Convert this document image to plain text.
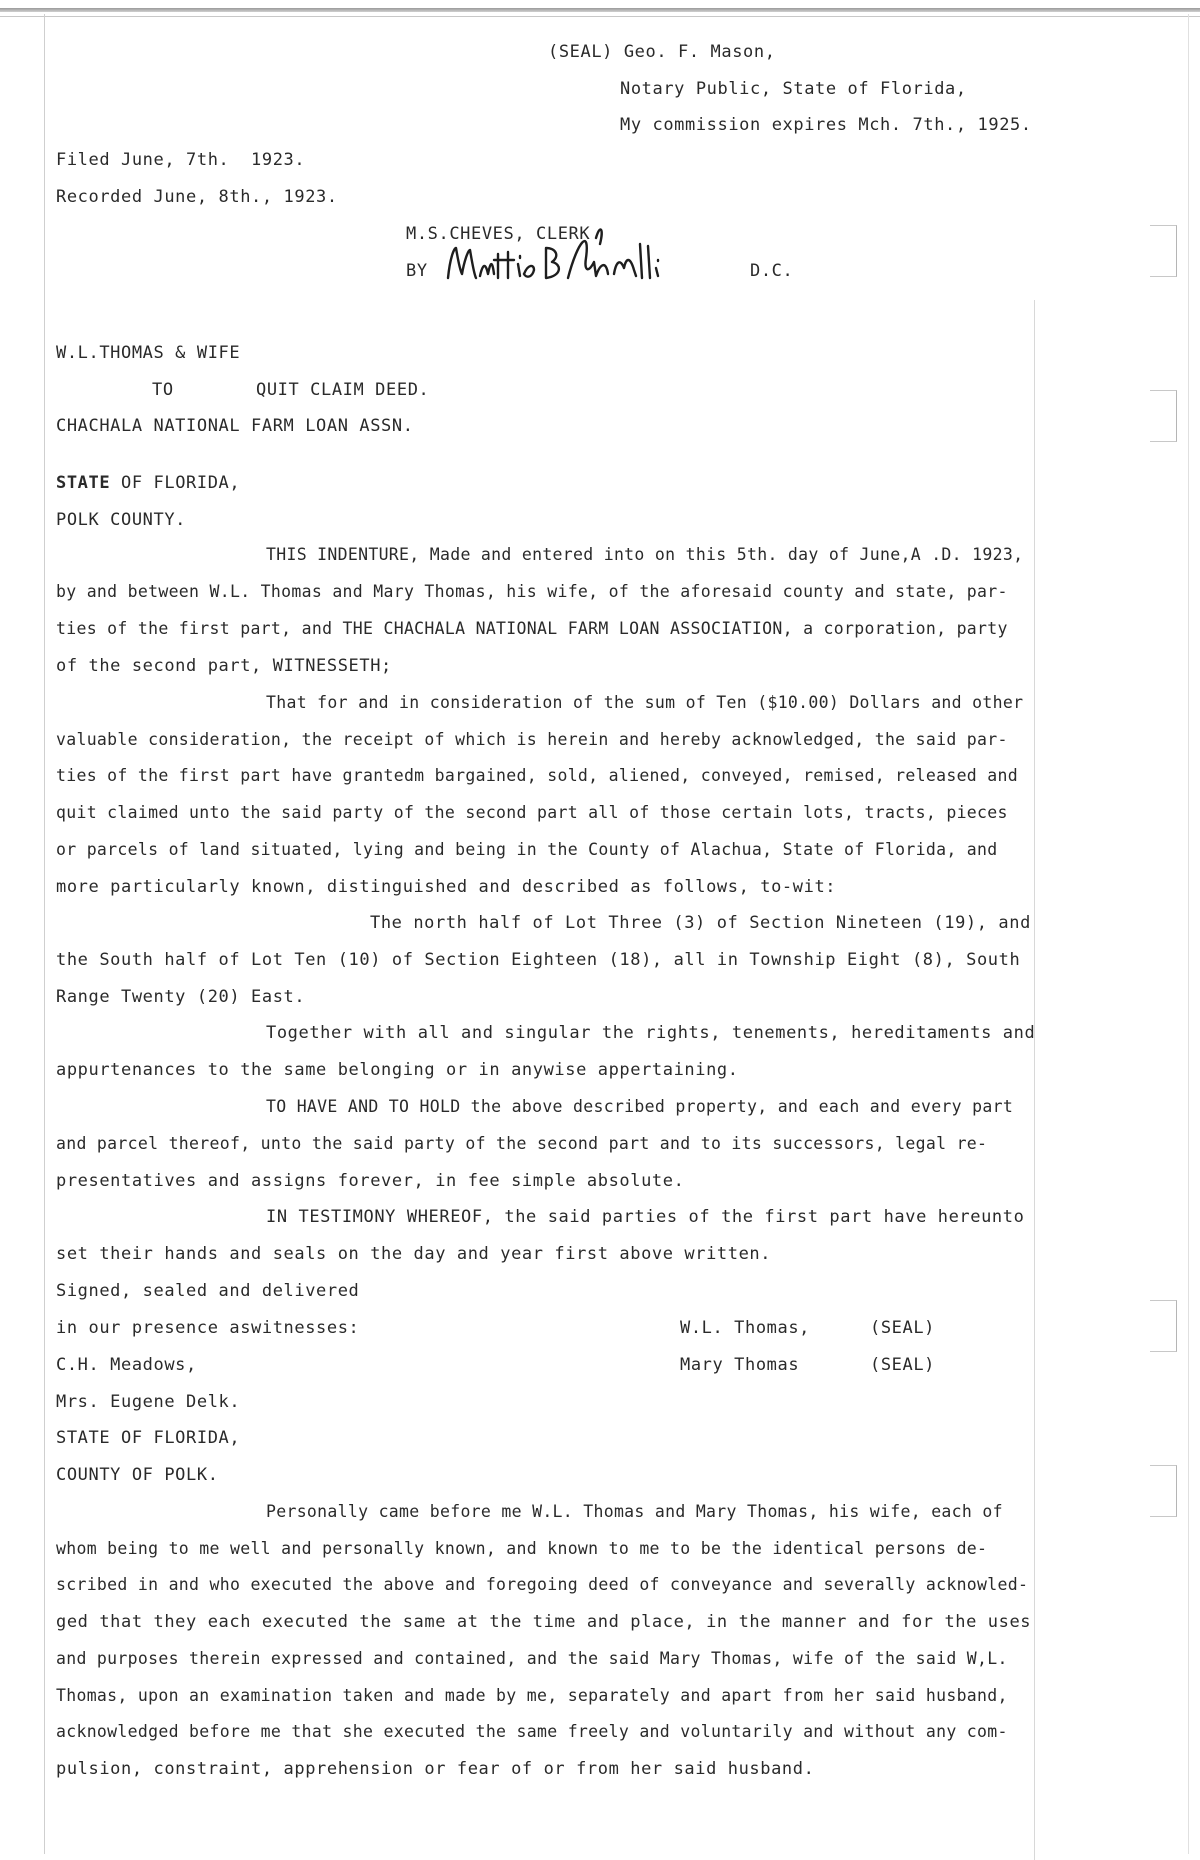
(SEAL) Geo. F. Mason,
Notary Public, State of Florida,
My commission expires Mch. 7th., 1925.
Filed June, 7th.  1923.
Recorded June, 8th., 1923.
M.S.CHEVES, CLERK
BY	D.C.
W.L.THOMAS & WIFE
TO	QUIT CLAIM DEED.
CHACHALA NATIONAL FARM LOAN ASSN.
STATE OF FLORIDA,
POLK COUNTY.
THIS INDENTURE, Made and entered into on this 5th. day of June,A .D. 1923,
by and between W.L. Thomas and Mary Thomas, his wife, of the aforesaid county and state, par-
ties of the first part, and THE CHACHALA NATIONAL FARM LOAN ASSOCIATION, a corporation, party
of the second part, WITNESSETH;
That for and in consideration of the sum of Ten ($10.00) Dollars and other
valuable consideration, the receipt of which is herein and hereby acknowledged, the said par-
ties of the first part have grantedm bargained, sold, aliened, conveyed, remised, released and
quit claimed unto the said party of the second part all of those certain lots, tracts, pieces
or parcels of land situated, lying and being in the County of Alachua, State of Florida, and
more particularly known, distinguished and described as follows, to-wit:
The north half of Lot Three (3) of Section Nineteen (19), and
the South half of Lot Ten (10) of Section Eighteen (18), all in Township Eight (8), South
Range Twenty (20) East.
Together with all and singular the rights, tenements, hereditaments and
appurtenances to the same belonging or in anywise appertaining.
TO HAVE AND TO HOLD the above described property, and each and every part
and parcel thereof, unto the said party of the second part and to its successors, legal re-
presentatives and assigns forever, in fee simple absolute.
IN TESTIMONY WHEREOF, the said parties of the first part have hereunto
set their hands and seals on the day and year first above written.
Signed, sealed and delivered
in our presence aswitnesses:	W.L. Thomas,	(SEAL)
C.H. Meadows,	Mary Thomas	(SEAL)
Mrs. Eugene Delk.
STATE OF FLORIDA,
COUNTY OF POLK.
Personally came before me W.L. Thomas and Mary Thomas, his wife, each of
whom being to me well and personally known, and known to me to be the identical persons de-
scribed in and who executed the above and foregoing deed of conveyance and severally acknowled-
ged that they each executed the same at the time and place, in the manner and for the uses
and purposes therein expressed and contained, and the said Mary Thomas, wife of the said W,L.
Thomas, upon an examination taken and made by me, separately and apart from her said husband,
acknowledged before me that she executed the same freely and voluntarily and without any com-
pulsion, constraint, apprehension or fear of or from her said husband.
